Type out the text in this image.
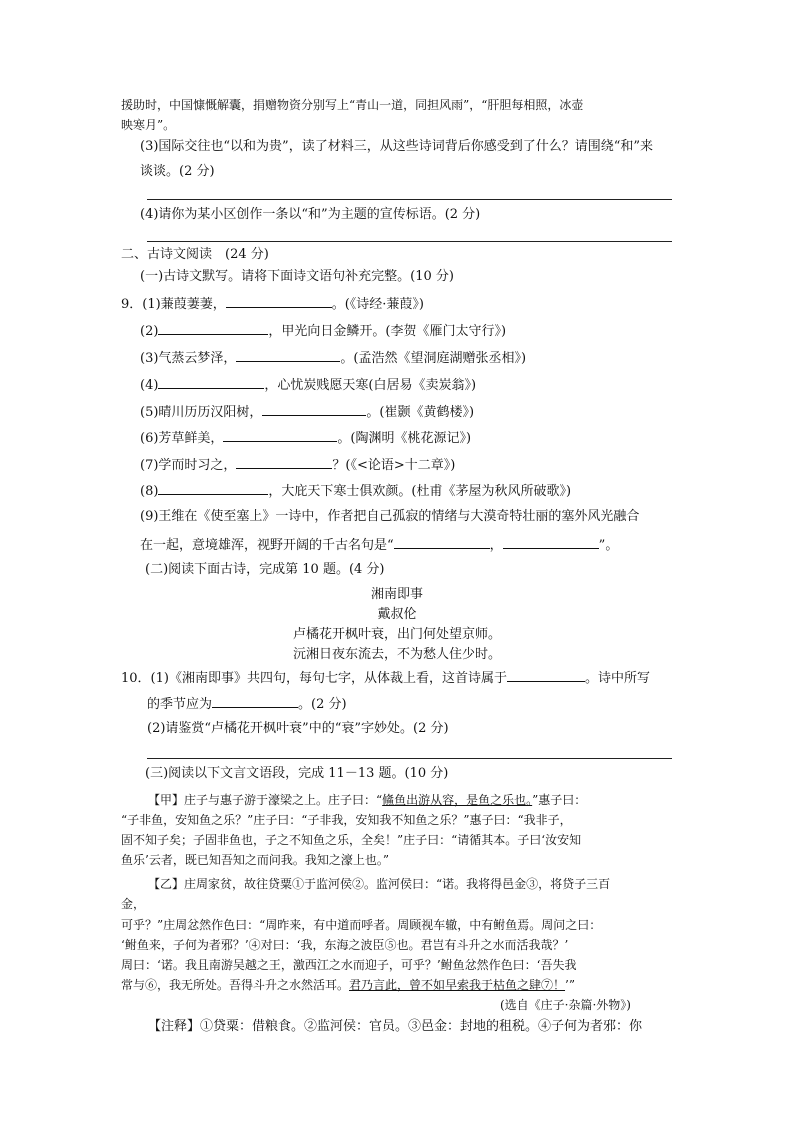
援助时，中国慷慨解囊，捐赠物资分别写上“青山一道，同担风雨”，“肝胆每相照，冰壶
映寒月”。
(3)国际交往也“以和为贵”，读了材料三，从这些诗词背后你感受到了什么？请围绕“和”来
谈谈。(2 分)
(4)请你为某小区创作一条以“和”为主题的宣传标语。(2 分)
二、古诗文阅读　(24 分)
(一)古诗文默写。请将下面诗文语句补充完整。(10 分)
9．(1)蒹葭萋萋，	。(《诗经·蒹葭》)
(2)	，甲光向日金鳞开。(李贺《雁门太守行》)
(3)气蒸云梦泽，	。(孟浩然《望洞庭湖赠张丞相》)
(4)	，心忧炭贱愿天寒(白居易《卖炭翁》)
(5)晴川历历汉阳树，	。(崔颢《黄鹤楼》)
(6)芳草鲜美，	。(陶渊明《桃花源记》)
(7)学而时习之，	？(《<论语>十二章》)
(8)	，大庇天下寒士俱欢颜。(杜甫《茅屋为秋风所破歌》)
(9)王维在《使至塞上》一诗中，作者把自己孤寂的情绪与大漠奇特壮丽的塞外风光融合
在一起，意境雄浑，视野开阔的千古名句是“	，	”。
(二)阅读下面古诗，完成第 10 题。(4 分)
湘南即事
戴叔伦
卢橘花开枫叶衰，出门何处望京师。
沅湘日夜东流去，不为愁人住少时。
10．(1)《湘南即事》共四句，每句七字，从体裁上看，这首诗属于	。诗中所写
的季节应为	。(2 分)
(2)请鉴赏“卢橘花开枫叶衰”中的“衰”字妙处。(2 分)
(三)阅读以下文言文语段，完成 11－13 题。(10 分)
【甲】庄子与惠子游于濠梁之上。庄子曰：“鯈鱼出游从容，是鱼之乐也。”惠子曰：
“子非鱼，安知鱼之乐？”庄子曰：“子非我，安知我不知鱼之乐？”惠子曰：“我非子，
固不知子矣；子固非鱼也，子之不知鱼之乐，全矣！”庄子曰：“请循其本。子曰‘汝安知
鱼乐’云者，既已知吾知之而问我。我知之濠上也。”
【乙】庄周家贫，故往贷粟①于监河侯②。监河侯曰：“诺。我将得邑金③，将贷子三百
金，
可乎？”庄周忿然作色曰：“周昨来，有中道而呼者。周顾视车辙，中有鲋鱼焉。周问之曰：
‘鲋鱼来，子何为者邪？’④对曰：‘我，东海之波臣⑤也。君岂有斗升之水而活我哉？’
周曰：‘诺。我且南游吴越之王，激西江之水而迎子，可乎？’鲋鱼忿然作色曰：‘吾失我
常与⑥，我无所处。吾得斗升之水然活耳。君乃言此，曾不如早索我于枯鱼之肆⑦！’”
(选自《庄子·杂篇·外物》)
【注释】①贷粟：借粮食。②监河侯：官员。③邑金：封地的租税。④子何为者邪：你
